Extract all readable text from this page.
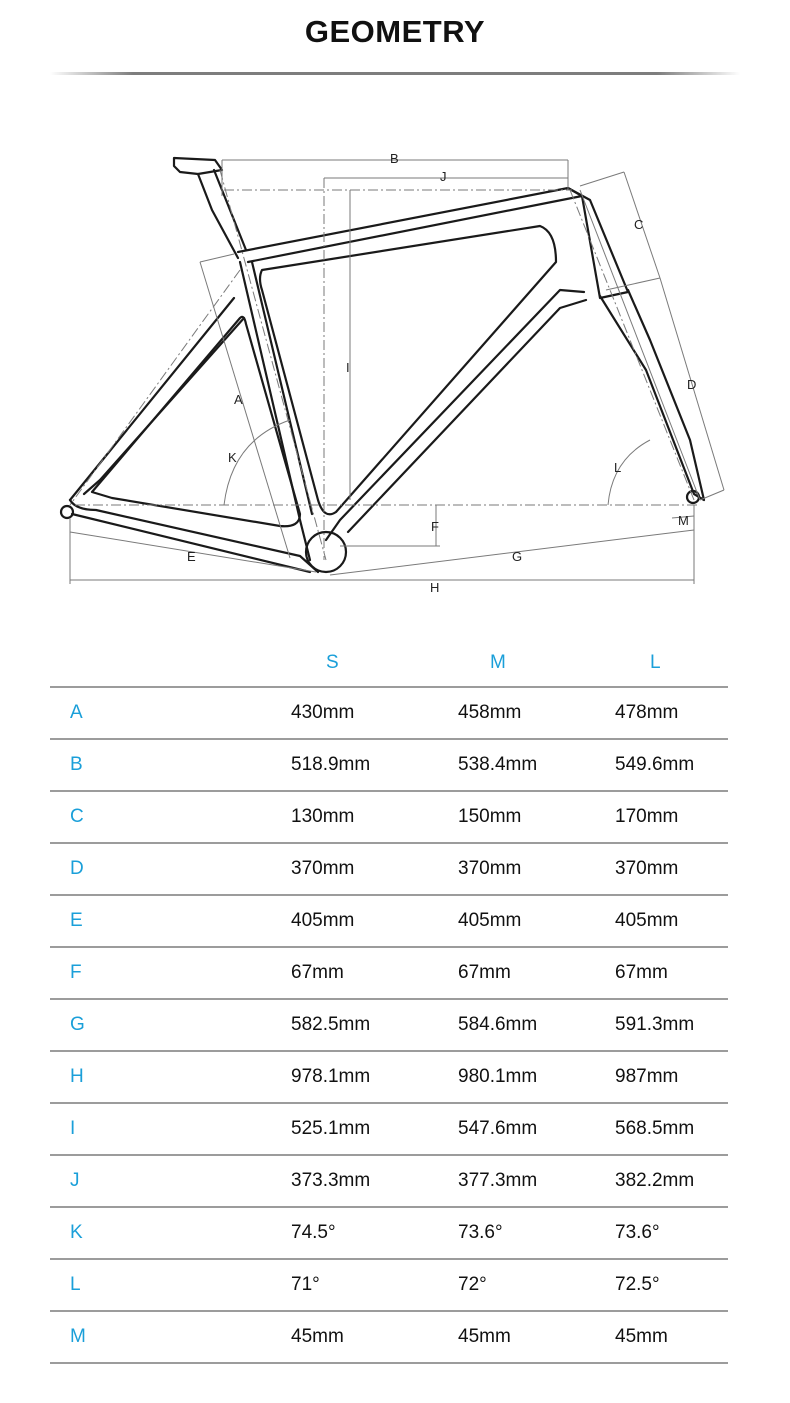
GEOMETRY
B
J
C
I
D
A
K
L
F	M
E	G
H
	S	M	L
A	430mm	458mm	478mm
B	518.9mm	538.4mm	549.6mm
C	130mm	150mm	170mm
D	370mm	370mm	370mm
E	405mm	405mm	405mm
F	67mm	67mm	67mm
G	582.5mm	584.6mm	591.3mm
H	978.1mm	980.1mm	987mm
I	525.1mm	547.6mm	568.5mm
J	373.3mm	377.3mm	382.2mm
K	74.5°	73.6°	73.6°
L	71°	72°	72.5°
M	45mm	45mm	45mm
